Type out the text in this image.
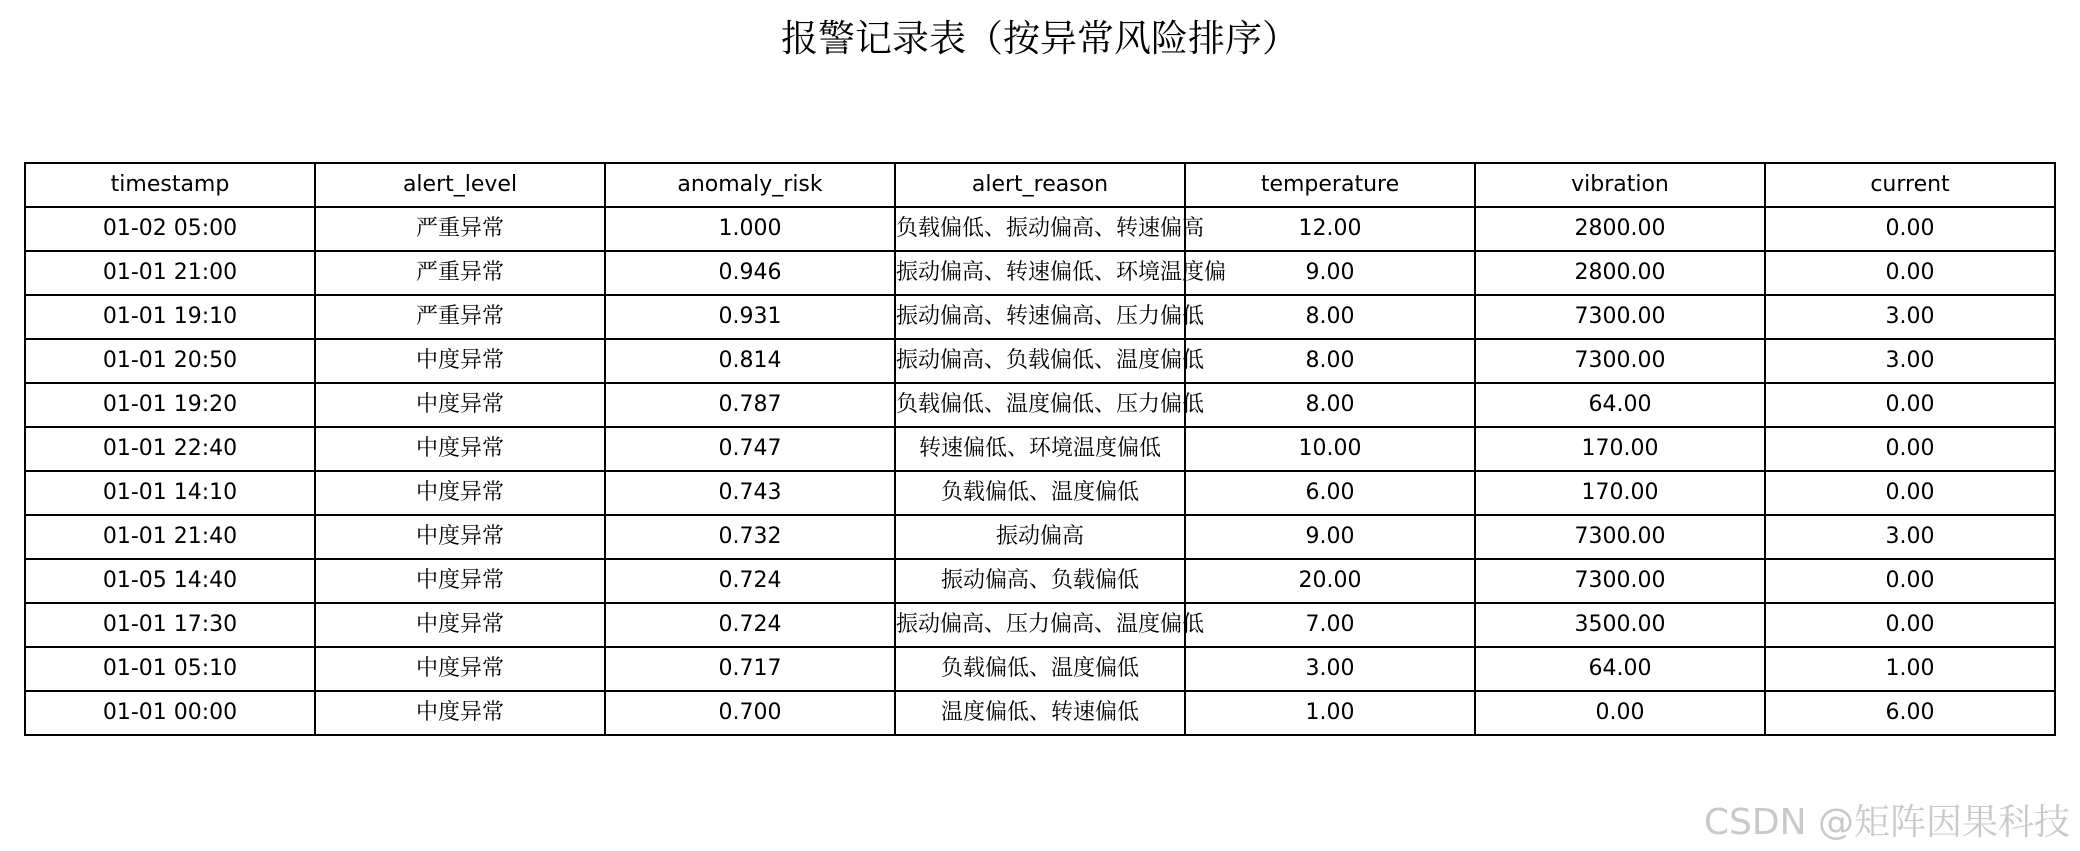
报警记录表（按异常风险排序）
timestamp	alert_level	anomaly_risk	alert_reason	temperature	vibration	current
01-02 05:00	严重异常	1.000	负载偏低、振动偏高、转速偏高	12.00	2800.00	0.00
01-01 21:00	严重异常	0.946	振动偏高、转速偏低、环境温度偏	9.00	2800.00	0.00
01-01 19:10	严重异常	0.931	振动偏高、转速偏高、压力偏低	8.00	7300.00	3.00
01-01 20:50	中度异常	0.814	振动偏高、负载偏低、温度偏低	8.00	7300.00	3.00
01-01 19:20	中度异常	0.787	负载偏低、温度偏低、压力偏低	8.00	64.00	0.00
01-01 22:40	中度异常	0.747	转速偏低、环境温度偏低	10.00	170.00	0.00
01-01 14:10	中度异常	0.743	负载偏低、温度偏低	6.00	170.00	0.00
01-01 21:40	中度异常	0.732	振动偏高	9.00	7300.00	3.00
01-05 14:40	中度异常	0.724	振动偏高、负载偏低	20.00	7300.00	0.00
01-01 17:30	中度异常	0.724	振动偏高、压力偏高、温度偏低	7.00	3500.00	0.00
01-01 05:10	中度异常	0.717	负载偏低、温度偏低	3.00	64.00	1.00
01-01 00:00	中度异常	0.700	温度偏低、转速偏低	1.00	0.00	6.00
CSDN @矩阵因果科技
